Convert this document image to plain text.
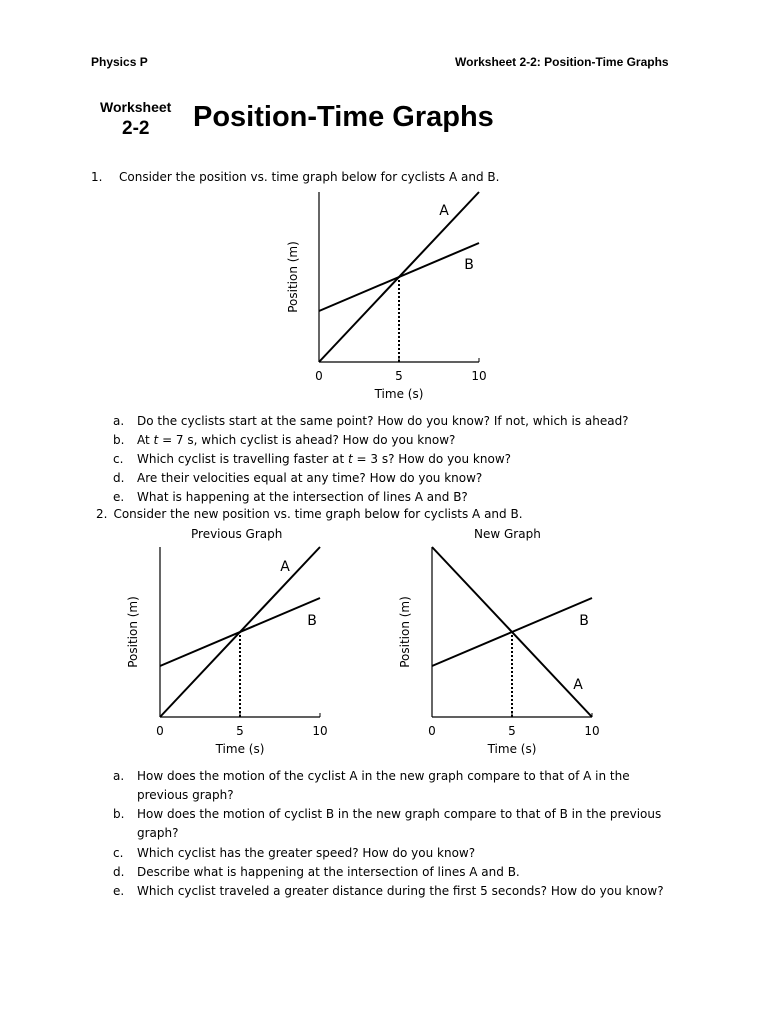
Physics P	Worksheet 2-2: Position-Time Graphs
Worksheet
2-2 Position-Time Graphs
1. Consider the position vs. time graph below for cyclists A and B.
0	5	10
A
B
Time (s)
Position (m)
a.	Do the cyclists start at the same point? How do you know? If not, which is ahead?
b.	At t = 7 s, which cyclist is ahead? How do you know?
c.	Which cyclist is travelling faster at t = 3 s? How do you know?
d.	Are their velocities equal at any time? How do you know?
e.	What is happening at the intersection of lines A and B?
2. Consider the new position vs. time graph below for cyclists A and B.
Previous Graph	New Graph
0	5	10
A
B
Time (s)
Position (m)
0	5	10
A
B
Time (s)
Position (m)
a.	How does the motion of the cyclist A in the new graph compare to that of A in the previous graph?
b.	How does the motion of cyclist B in the new graph compare to that of B in the previous graph?
c.	Which cyclist has the greater speed? How do you know?
d.	Describe what is happening at the intersection of lines A and B.
e.	Which cyclist traveled a greater distance during the first 5 seconds? How do you know?
